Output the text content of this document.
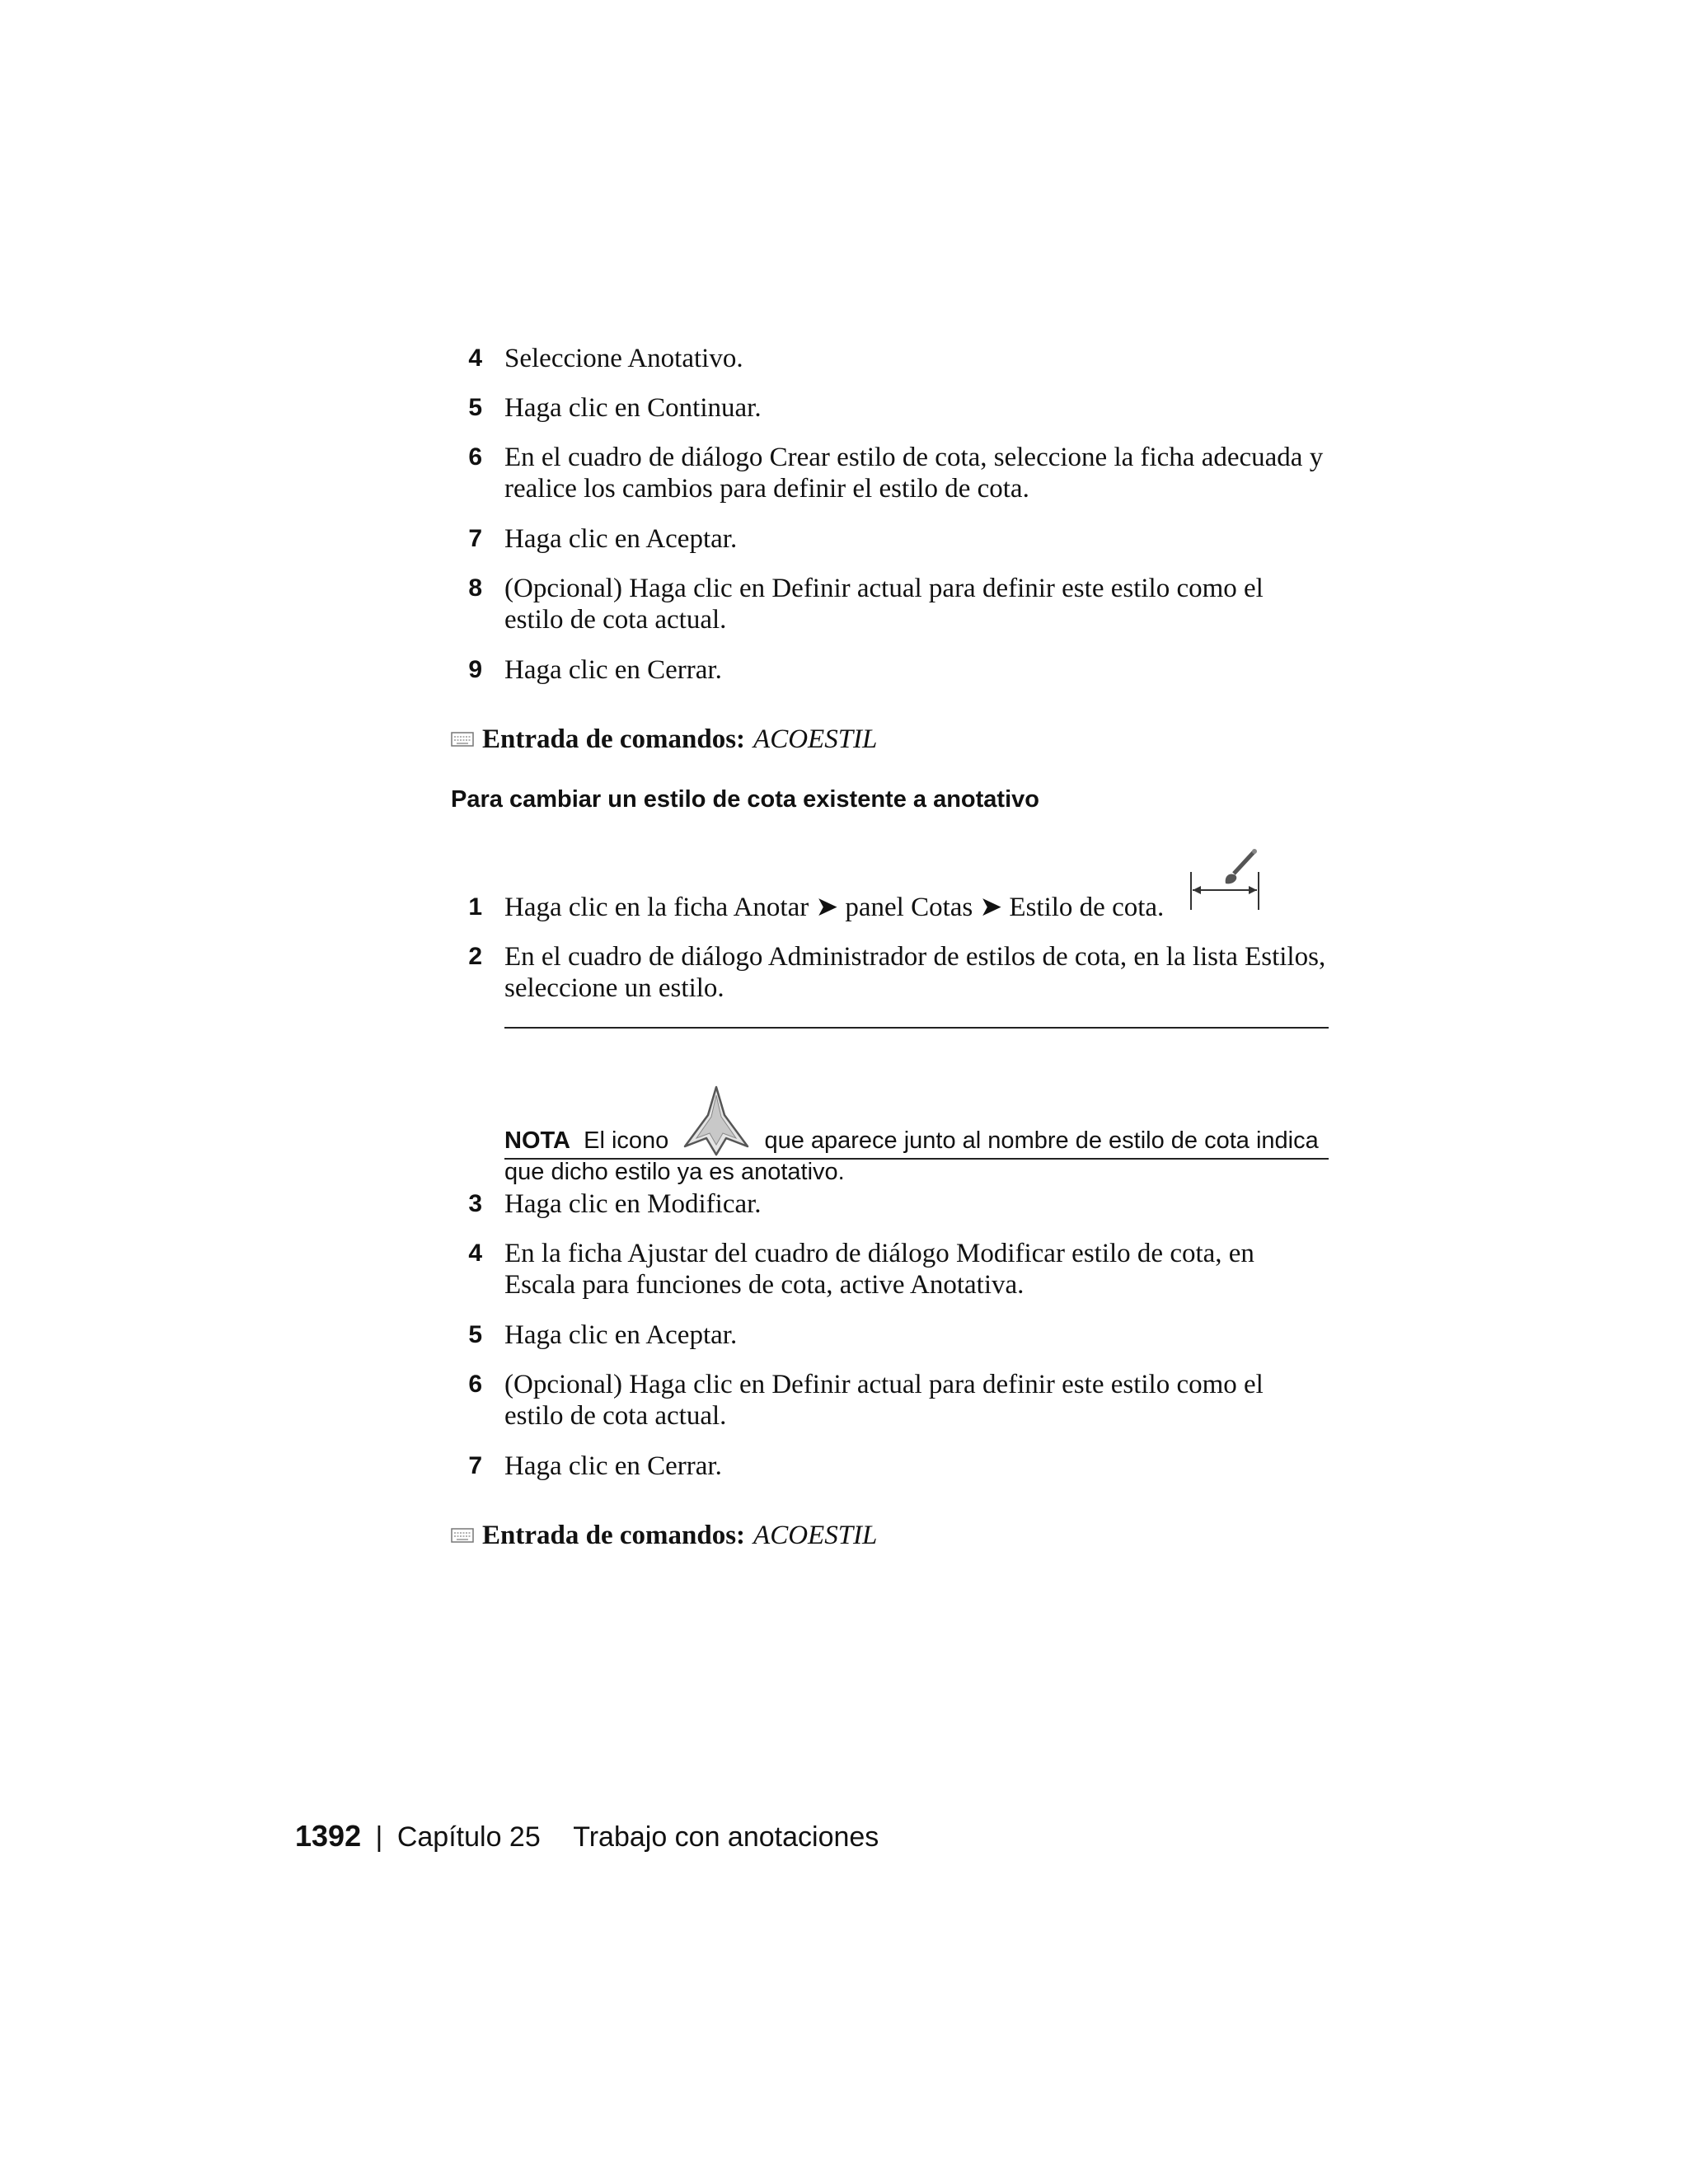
4 Seleccione Anotativo.
5 Haga clic en Continuar.
6 En el cuadro de diálogo Crear estilo de cota, seleccione la ficha adecuada y realice los cambios para definir el estilo de cota.
7 Haga clic en Aceptar.
8 (Opcional) Haga clic en Definir actual para definir este estilo como el estilo de cota actual.
9 Haga clic en Cerrar.
Entrada de comandos: ACOESTIL
Para cambiar un estilo de cota existente a anotativo
1 Haga clic en la ficha Anotar ➤ panel Cotas ➤ Estilo de cota.
2 En el cuadro de diálogo Administrador de estilos de cota, en la lista Estilos, seleccione un estilo.
NOTA El icono	que aparece junto al nombre de estilo de cota indica
que dicho estilo ya es anotativo.
3 Haga clic en Modificar.
4 En la ficha Ajustar del cuadro de diálogo Modificar estilo de cota, en Escala para funciones de cota, active Anotativa.
5 Haga clic en Aceptar.
6 (Opcional) Haga clic en Definir actual para definir este estilo como el estilo de cota actual.
7 Haga clic en Cerrar.
Entrada de comandos: ACOESTIL
1392 | Capítulo 25 Trabajo con anotaciones
